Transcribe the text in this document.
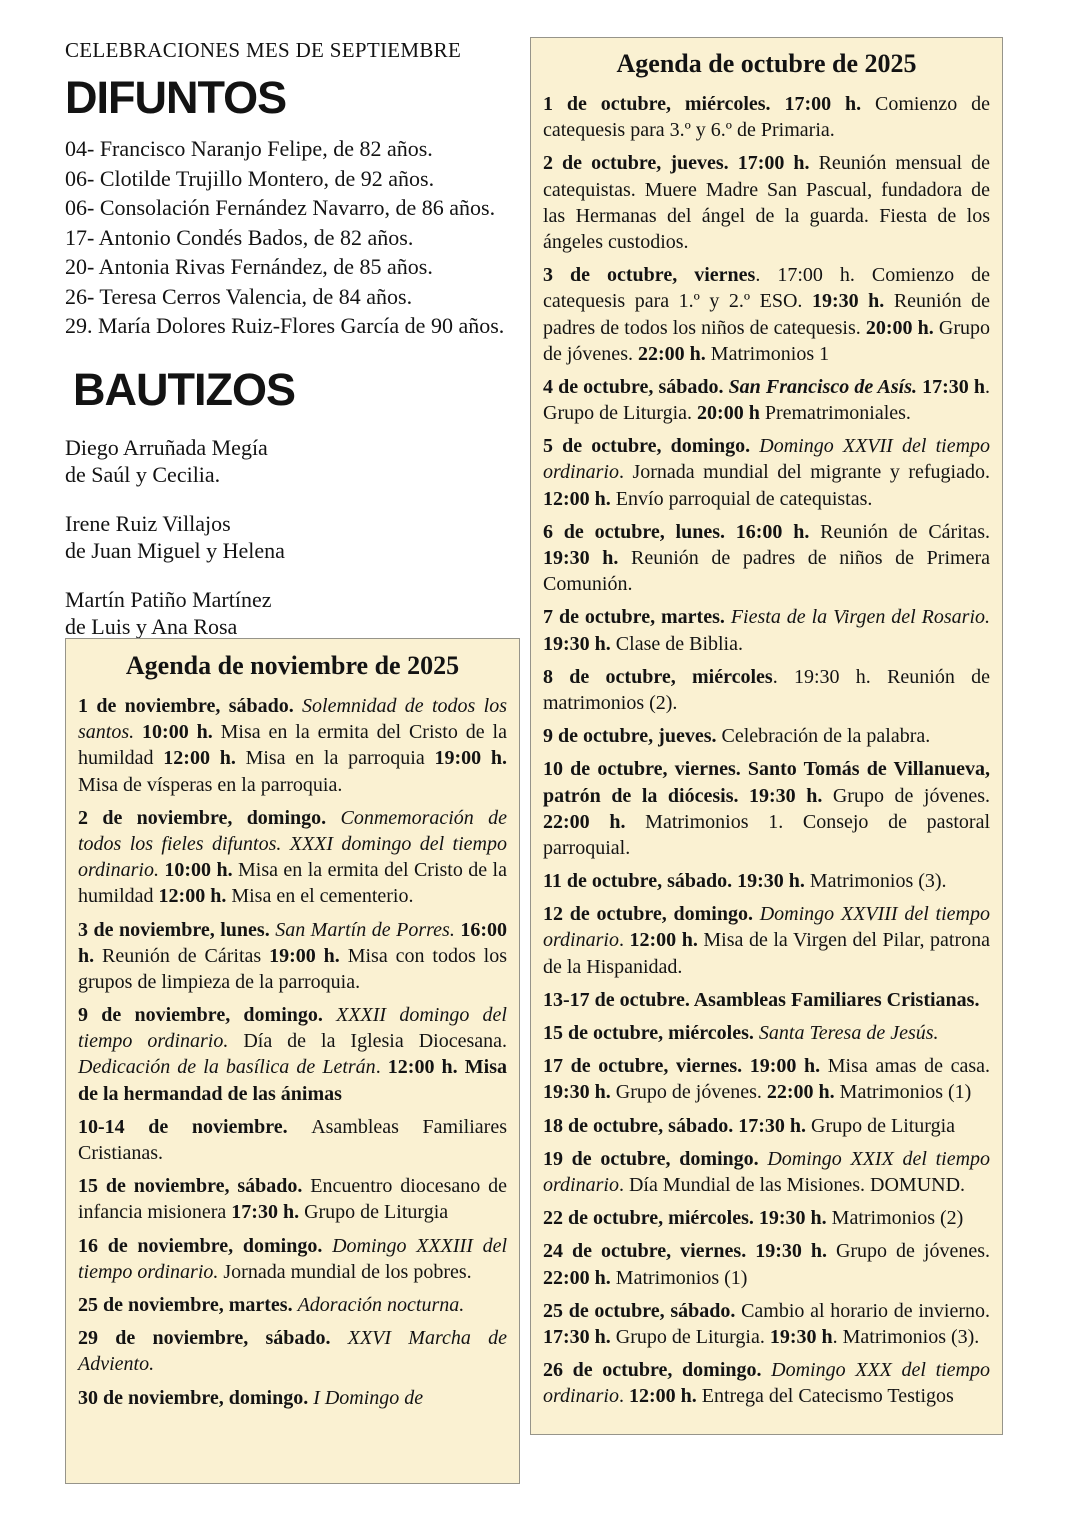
CELEBRACIONES MES DE SEPTIEMBRE

DIFUNTOS
04- Francisco Naranjo Felipe, de 82 años.
06- Clotilde Trujillo Montero, de 92 años.
06- Consolación Fernández Navarro, de 86 años.
17- Antonio Condés Bados, de 82 años.
20- Antonia Rivas Fernández, de 85 años.
26- Teresa Cerros Valencia, de 84 años.
29. María Dolores Ruiz-Flores García de 90 años.
BAUTIZOS

Diego Arruñada Megía
de Saúl y Cecilia.

Irene Ruiz Villajos
de Juan Miguel y Helena

Martín Patiño Martínez
de Luis y Ana Rosa

Agenda de noviembre de 2025

1 de noviembre, sábado. Solemnidad de todos los santos. 10:00 h. Misa en la ermita del Cristo de la humildad 12:00 h. Misa en la parroquia 19:00 h. Misa de vísperas en la parroquia.

2 de noviembre, domingo. Conmemoración de todos los fieles difuntos. XXXI domingo del tiempo ordinario. 10:00 h. Misa en la ermita del Cristo de la humildad 12:00 h. Misa en el cementerio.

3 de noviembre, lunes. San Martín de Porres. 16:00 h. Reunión de Cáritas 19:00 h. Misa con todos los grupos de limpieza de la parroquia.

9 de noviembre, domingo. XXXII domingo del tiempo ordinario. Día de la Iglesia Diocesana. Dedicación de la basílica de Letrán. 12:00 h. Misa de la hermandad de las ánimas

10-14 de noviembre. Asambleas Familiares Cristianas.

15 de noviembre, sábado. Encuentro diocesano de infancia misionera 17:30 h. Grupo de Liturgia

16 de noviembre, domingo. Domingo XXXIII del tiempo ordinario. Jornada mundial de los pobres.

25 de noviembre, martes. Adoración nocturna.

29 de noviembre, sábado. XXVI Marcha de Adviento.

30 de noviembre, domingo. I Domingo de

Agenda de octubre de 2025

1 de octubre, miércoles. 17:00 h. Comienzo de catequesis para 3.º y 6.º de Primaria.

2 de octubre, jueves. 17:00 h. Reunión mensual de catequistas. Muere Madre San Pascual, fundadora de las Hermanas del ángel de la guarda. Fiesta de los ángeles custodios.

3 de octubre, viernes. 17:00 h. Comienzo de catequesis para 1.º y 2.º ESO. 19:30 h. Reunión de padres de todos los niños de catequesis. 20:00 h. Grupo de jóvenes. 22:00 h. Matrimonios 1

4 de octubre, sábado. San Francisco de Asís. 17:30 h. Grupo de Liturgia. 20:00 h Prematrimoniales.

5 de octubre, domingo. Domingo XXVII del tiempo ordinario. Jornada mundial del migrante y refugiado. 12:00 h. Envío parroquial de catequistas.

6 de octubre, lunes. 16:00 h. Reunión de Cáritas. 19:30 h. Reunión de padres de niños de Primera Comunión.

7 de octubre, martes. Fiesta de la Virgen del Rosario. 19:30 h. Clase de Biblia.

8 de octubre, miércoles. 19:30 h. Reunión de matrimonios (2).

9 de octubre, jueves. Celebración de la palabra.

10 de octubre, viernes. Santo Tomás de Villanueva, patrón de la diócesis. 19:30 h. Grupo de jóvenes. 22:00 h. Matrimonios 1. Consejo de pastoral parroquial.

11 de octubre, sábado. 19:30 h. Matrimonios (3).

12 de octubre, domingo. Domingo XXVIII del tiempo ordinario. 12:00 h. Misa de la Virgen del Pilar, patrona de la Hispanidad.

13-17 de octubre. Asambleas Familiares Cristianas.

15 de octubre, miércoles. Santa Teresa de Jesús.

17 de octubre, viernes. 19:00 h. Misa amas de casa. 19:30 h. Grupo de jóvenes. 22:00 h. Matrimonios (1)

18 de octubre, sábado. 17:30 h. Grupo de Liturgia

19 de octubre, domingo. Domingo XXIX del tiempo ordinario. Día Mundial de las Misiones. DOMUND.

22 de octubre, miércoles. 19:30 h. Matrimonios (2)

24 de octubre, viernes. 19:30 h. Grupo de jóvenes. 22:00 h. Matrimonios (1)

25 de octubre, sábado. Cambio al horario de invierno. 17:30 h. Grupo de Liturgia. 19:30 h. Matrimonios (3).

26 de octubre, domingo. Domingo XXX del tiempo ordinario. 12:00 h. Entrega del Catecismo Testigos
